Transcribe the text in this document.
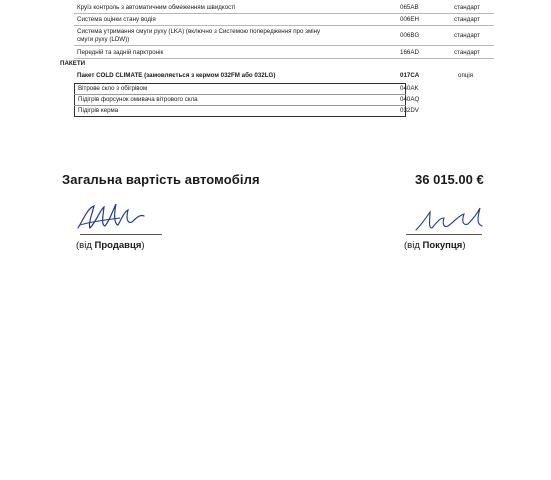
Круїз контроль з автоматичним обмеженням швидкості	065AB	стандарт
Система оцінки стану водія	006EH	стандарт
Система утримання смуги руху (LKA) (включно з Системою попередження про зміну
смуги руху (LDW))
006BG	стандарт
Передній та задній парктронік	166AD	стандарт
ПАКЕТИ
Пакет COLD CLIMATE (замовляється з кермом 032FM або 032LG)	017CA	опція
Вітрове скло з обігрівом	040AK
Підігрів форсунок омивача вітрового скла	040AQ
Підігрів керма	032DV
Загальна вартість автомобіля	36 015.00 €
(від Продавця)	(від Покупця)
